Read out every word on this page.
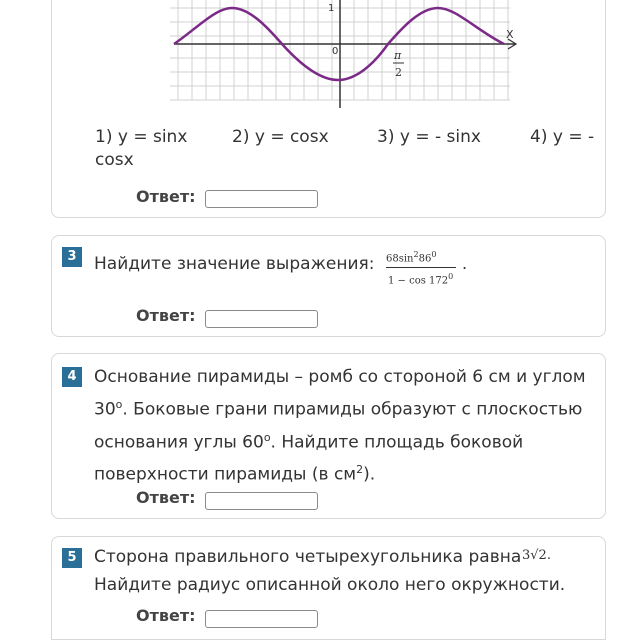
1
0	π
2
X
1) y = sinx	2) y = cosx	3) y = - sinx	4) y = -
cosx
Ответ:
3	Найдите значение выражения: $68\sin^286^0$
$1 - \cos 172^0$
.
Ответ:
4	Основание пирамиды – ромб со стороной 6 см и углом
$30^о$. Боковые грани пирамиды образуют с плоскостью
основания углы $60^о$. Найдите площадь боковой
поверхности пирамиды (в $см^2$).
Ответ:
5	Сторона правильного четырехугольника равна
Найдите радиус описанной около него окружности.
3√2.
Ответ:
